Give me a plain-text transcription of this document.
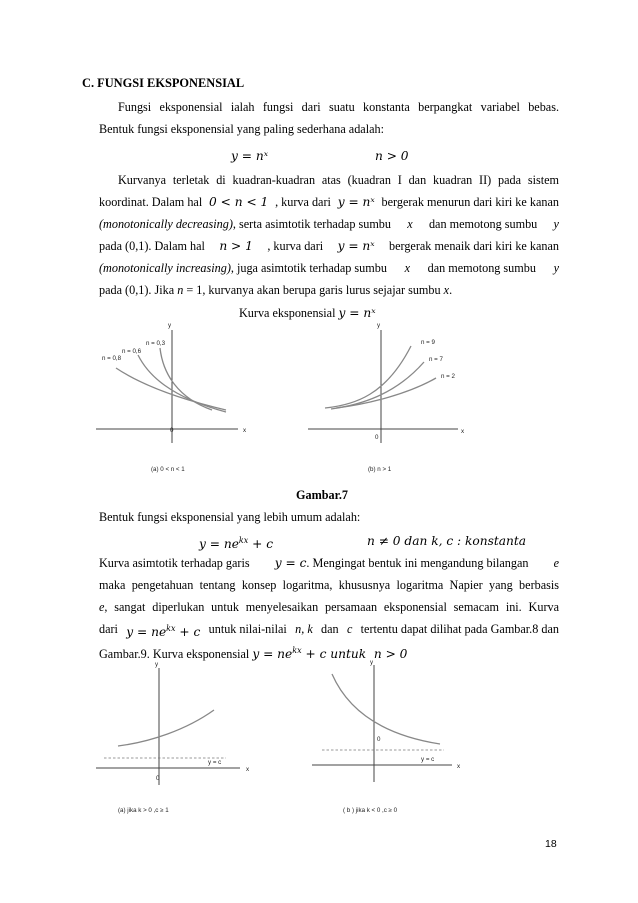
C. FUNGSI EKSPONENSIAL
Fungsi eksponensial ialah fungsi dari suatu konstanta berpangkat variabel bebas.
Bentuk fungsi eksponensial yang paling sederhana adalah:
y = nˣ	n > 0
Kurvanya terletak di kuadran-kuadran atas (kuadran I dan kuadran II) pada sistem
koordinat. Dalam hal 0 < n < 1 , kurva dari y = nˣ bergerak menurun dari kiri ke kanan
(monotonically decreasing), serta asimtotik terhadap sumbu x dan memotong sumbu y
pada (0,1). Dalam hal n > 1 , kurva dari y = nˣ bergerak menaik dari kiri ke kanan
(monotonically increasing), juga asimtotik terhadap sumbu x dan memotong sumbu y
pada (0,1). Jika n = 1, kurvanya akan berupa garis lurus sejajar sumbu x.
Kurva eksponensial y = nˣ
x
y
0
n = 0,8
n = 0,6
n = 0,3
(a) 0 < n < 1
x
y
0
n = 9
n = 7
n = 2
(b) n > 1
Gambar.7
Bentuk fungsi eksponensial yang lebih umum adalah:
$y = ne^{kx} + c$	n ≠ 0 dan k, c : konstanta
Kurva asimtotik terhadap garis y = c. Mengingat bentuk ini mengandung bilangan e
maka pengetahuan tentang konsep logaritma, khususnya logaritma Napier yang berbasis
e , sangat diperlukan untuk menyelesaikan persamaan eksponensial semacam ini. Kurva
dari $y = ne^{kx} + c$ untuk nilai-nilai n, k dan c tertentu dapat dilihat pada Gambar.8 dan
Gambar.9. Kurva eksponensial $y = ne^{kx} + c$ untuk  n > 0
x
y
0
y = c
(a) jika k > 0 ,c ≥ 1
x
y
0
y = c
( b ) jika k < 0 ,c ≥ 0
18
